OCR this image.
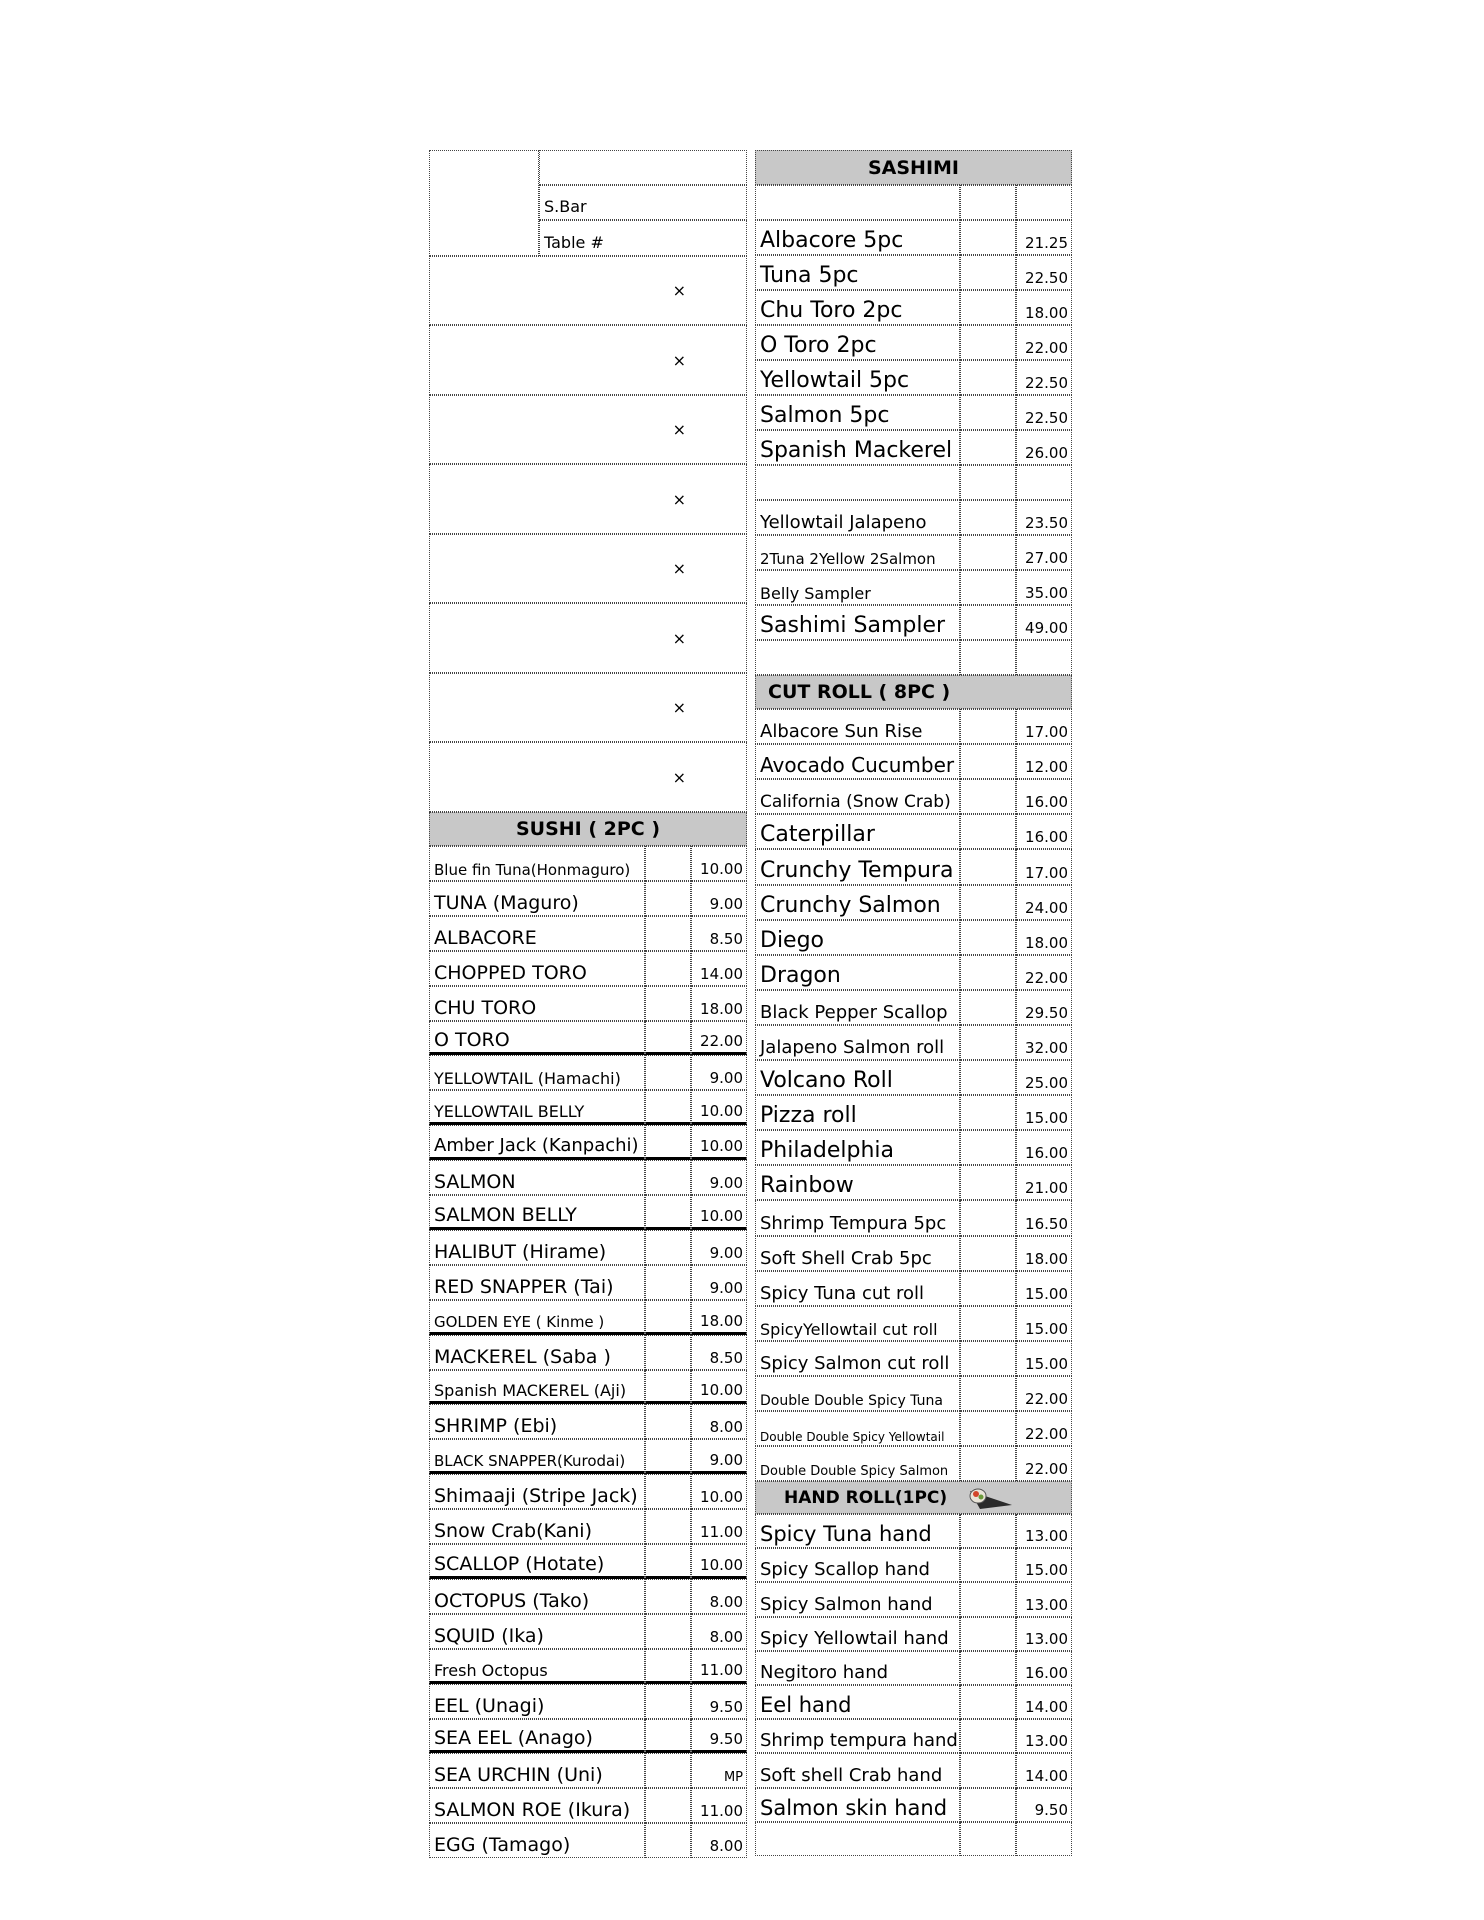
S.Bar
Table #
×
×
×
×
×
×
×
×
SUSHI ( 2PC )
Blue fin Tuna(Honmaguro)	10.00
TUNA (Maguro)	9.00
ALBACORE	8.50
CHOPPED TORO	14.00
CHU TORO	18.00
O TORO	22.00
YELLOWTAIL (Hamachi)	9.00
YELLOWTAIL BELLY	10.00
Amber Jack (Kanpachi)	10.00
SALMON	9.00
SALMON BELLY	10.00
HALIBUT (Hirame)	9.00
RED SNAPPER (Tai)	9.00
GOLDEN EYE ( Kinme )	18.00
MACKEREL (Saba )	8.50
Spanish MACKEREL (Aji)	10.00
SHRIMP (Ebi)	8.00
BLACK SNAPPER(Kurodai)	9.00
Shimaaji (Stripe Jack)	10.00
Snow Crab(Kani)	11.00
SCALLOP (Hotate)	10.00
OCTOPUS (Tako)	8.00
SQUID (Ika)	8.00
Fresh Octopus	11.00
EEL (Unagi)	9.50
SEA EEL (Anago)	9.50
SEA URCHIN (Uni)	MP
SALMON ROE (Ikura)	11.00
EGG (Tamago)	8.00
SASHIMI
Albacore 5pc	21.25
Tuna 5pc	22.50
Chu Toro 2pc	18.00
O Toro 2pc	22.00
Yellowtail 5pc	22.50
Salmon 5pc	22.50
Spanish Mackerel	26.00
Yellowtail Jalapeno	23.50
2Tuna 2Yellow 2Salmon	27.00
Belly Sampler	35.00
Sashimi Sampler	49.00
CUT ROLL ( 8PC )
Albacore Sun Rise	17.00
Avocado Cucumber	12.00
California (Snow Crab)	16.00
Caterpillar	16.00
Crunchy Tempura	17.00
Crunchy Salmon	24.00
Diego	18.00
Dragon	22.00
Black Pepper Scallop	29.50
Jalapeno Salmon roll	32.00
Volcano Roll	25.00
Pizza roll	15.00
Philadelphia	16.00
Rainbow	21.00
Shrimp Tempura 5pc	16.50
Soft Shell Crab 5pc	18.00
Spicy Tuna cut roll	15.00
SpicyYellowtail cut roll	15.00
Spicy Salmon cut roll	15.00
Double Double Spicy Tuna	22.00
Double Double Spicy Yellowtail	22.00
Double Double Spicy Salmon	22.00
HAND ROLL(1PC)
Spicy Tuna hand	13.00
Spicy Scallop hand	15.00
Spicy Salmon hand	13.00
Spicy Yellowtail hand	13.00
Negitoro hand	16.00
Eel hand	14.00
Shrimp tempura hand	13.00
Soft shell Crab hand	14.00
Salmon skin hand	9.50
